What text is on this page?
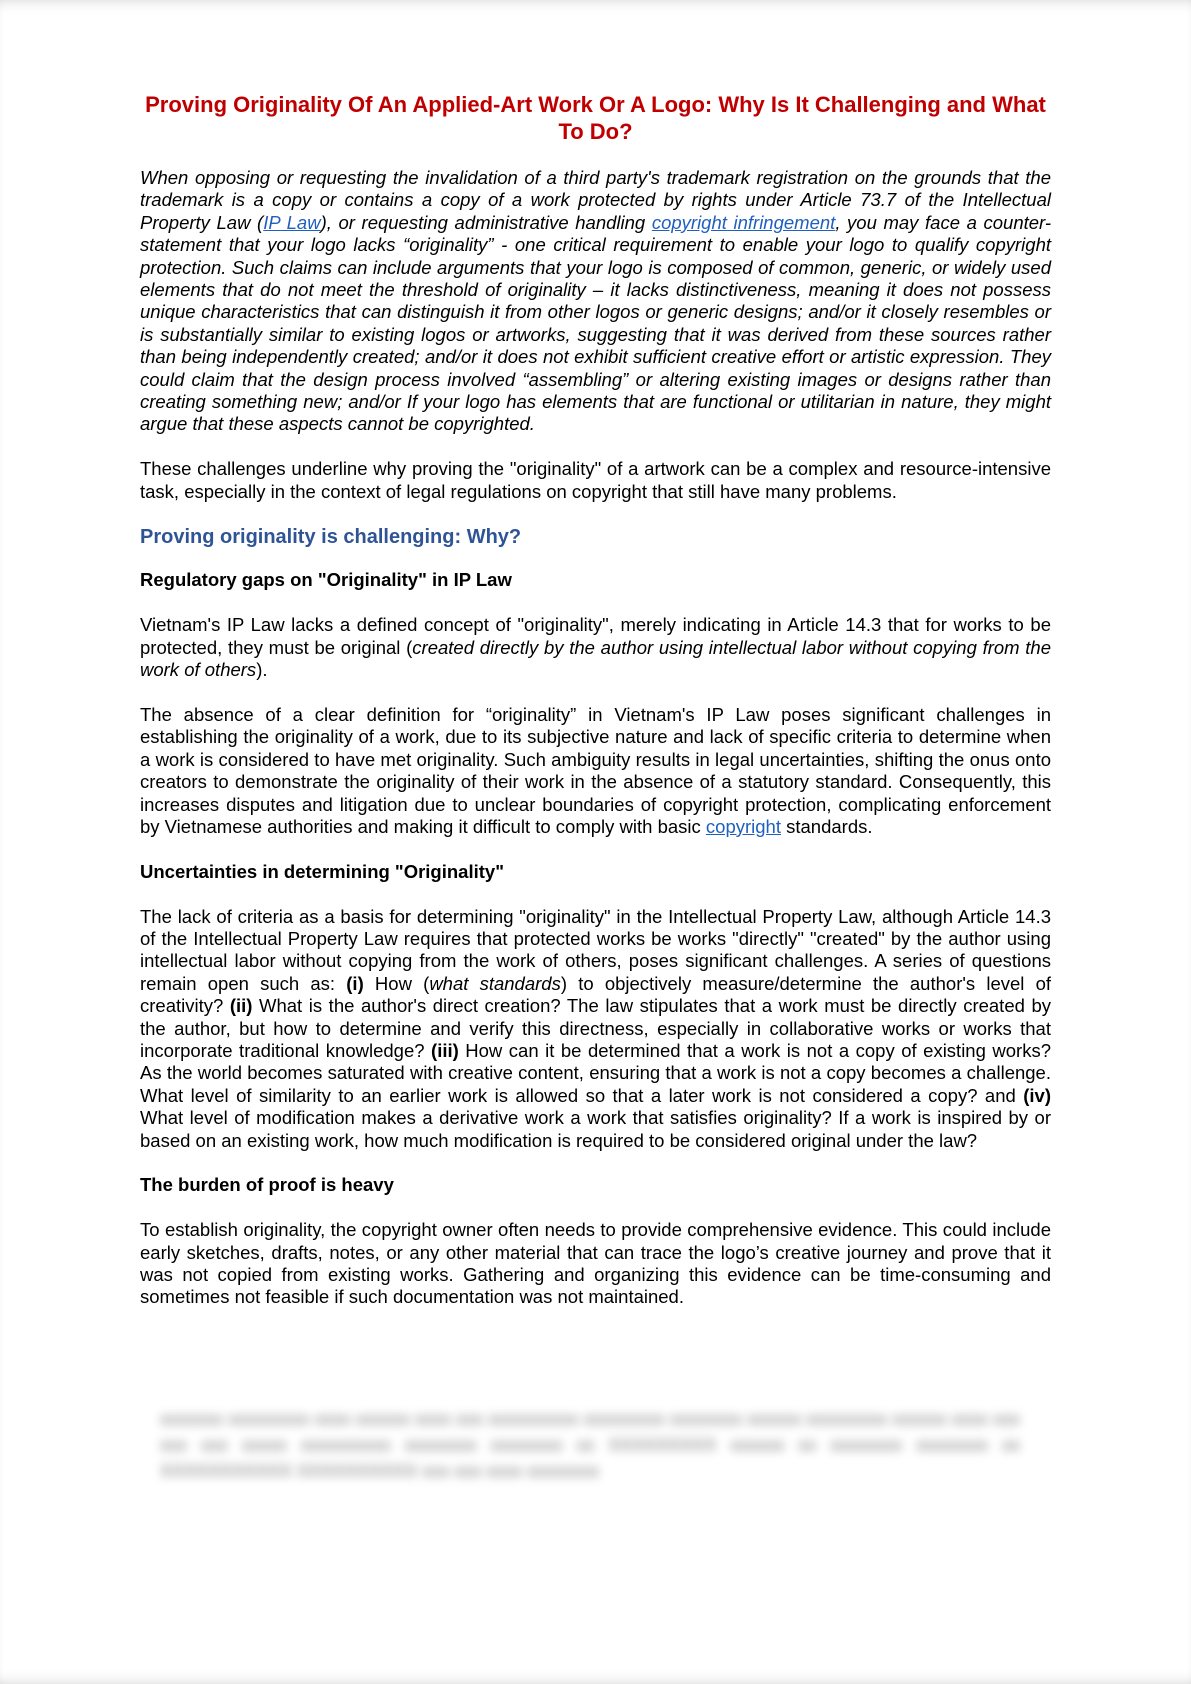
Proving Originality Of An Applied-Art Work Or A Logo: Why Is It Challenging and What To Do?

When opposing or requesting the invalidation of a third party's trademark registration on the grounds that the trademark is a copy or contains a copy of a work protected by rights under Article 73.7 of the Intellectual Property Law (IP Law), or requesting administrative handling copyright infringement, you may face a counter-statement that your logo lacks “originality” - one critical requirement to enable your logo to qualify copyright protection. Such claims can include arguments that your logo is composed of common, generic, or widely used elements that do not meet the threshold of originality – it lacks distinctiveness, meaning it does not possess unique characteristics that can distinguish it from other logos or generic designs; and/or it closely resembles or is substantially similar to existing logos or artworks, suggesting that it was derived from these sources rather than being independently created; and/or it does not exhibit sufficient creative effort or artistic expression. They could claim that the design process involved “assembling” or altering existing images or designs rather than creating something new; and/or If your logo has elements that are functional or utilitarian in nature, they might argue that these aspects cannot be copyrighted.

These challenges underline why proving the "originality" of a artwork can be a complex and resource-intensive task, especially in the context of legal regulations on copyright that still have many problems.

Proving originality is challenging: Why?
Regulatory gaps on "Originality" in IP Law

Vietnam's IP Law lacks a defined concept of "originality", merely indicating in Article 14.3 that for works to be protected, they must be original (created directly by the author using intellectual labor without copying from the work of others).

The absence of a clear definition for “originality” in Vietnam's IP Law poses significant challenges in establishing the originality of a work, due to its subjective nature and lack of specific criteria to determine when a work is considered to have met originality. Such ambiguity results in legal uncertainties, shifting the onus onto creators to demonstrate the originality of their work in the absence of a statutory standard. Consequently, this increases disputes and litigation due to unclear boundaries of copyright protection, complicating enforcement by Vietnamese authorities and making it difficult to comply with basic copyright standards.

Uncertainties in determining "Originality"

The lack of criteria as a basis for determining "originality" in the Intellectual Property Law, although Article 14.3 of the Intellectual Property Law requires that protected works be works "directly" "created" by the author using intellectual labor without copying from the work of others, poses significant challenges. A series of questions remain open such as: (i) How (what standards) to objectively measure/determine the author's level of creativity? (ii) What is the author's direct creation? The law stipulates that a work must be directly created by the author, but how to determine and verify this directness, especially in collaborative works or works that incorporate traditional knowledge? (iii) How can it be determined that a work is not a copy of existing works? As the world becomes saturated with creative content, ensuring that a work is not a copy becomes a challenge. What level of similarity to an earlier work is allowed so that a later work is not considered a copy? and (iv) What level of modification makes a derivative work a work that satisfies originality? If a work is inspired by or based on an existing work, how much modification is required to be considered original under the law?

The burden of proof is heavy

To establish originality, the copyright owner often needs to provide comprehensive evidence. This could include early sketches, drafts, notes, or any other material that can trace the logo’s creative journey and prove that it was not copied from existing works. Gathering and organizing this evidence can be time-consuming and sometimes not feasible if such documentation was not maintained.

xxxxxxx xxxxxxxxx xxxx xxxxxx xxxx xxx xxxxxxxxxx xxxxxxxxx xxxxxxxx xxxxxx xxxxxxxxx xxxxxx xxxx xxx xxx xxx xxxxx xxxxxxxxxx xxxxxxxx xxxxxxxx xx XXXXXXXXX xxxxxx xx xxxxxxxx xxxxxxxx xx XXXXXXXXXXX XXXXXXXXXX xxx xxx xxxx xxxxxxxx
